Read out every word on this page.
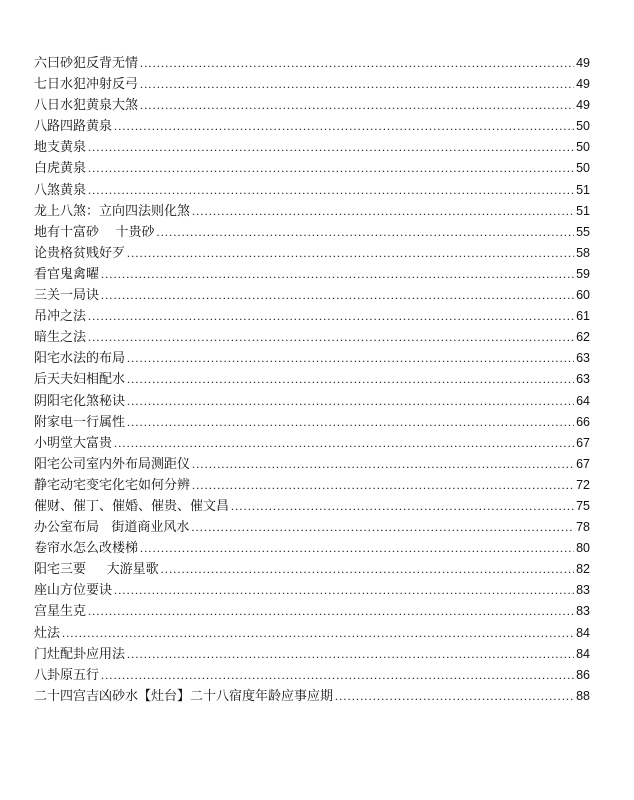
六曰砂犯反背无情 .....	49
七日水犯冲射反弓 .....	49
八日水犯黄泉大煞 .....	49
八路四路黄泉 .....	50
地支黄泉 .....	50
白虎黄泉 .....	50
八煞黄泉 .....	51
龙上八煞：立向四法则化煞 .....	51
地有十富砂    十贵砂 .....	55
论贵格贫贱好歹 .....	58
看官鬼禽曜 .....	59
三关一局诀 .....	60
吊冲之法 .....	61
暗生之法 .....	62
阳宅水法的布局 .....	63
后天夫妇相配水 .....	63
阴阳宅化煞秘诀 .....	64
附家电一行属性 .....	66
小明堂大富贵 .....	67
阳宅公司室内外布局测距仪 .....	67
静宅动宅变宅化宅如何分辨 .....	72
催财、催丁、催婚、催贵、催文昌 .....	75
办公室布局   街道商业风水 .....	78
卷帘水怎么改楼梯 .....	80
阳宅三要     大游星歌 .....	82
座山方位要诀 .....	83
宫星生克 .....	83
灶法 .....	84
门灶配卦应用法 .....	84
八卦原五行 .....	86
二十四宫吉凶砂水【灶台】二十八宿度年龄应事应期 .....	88
